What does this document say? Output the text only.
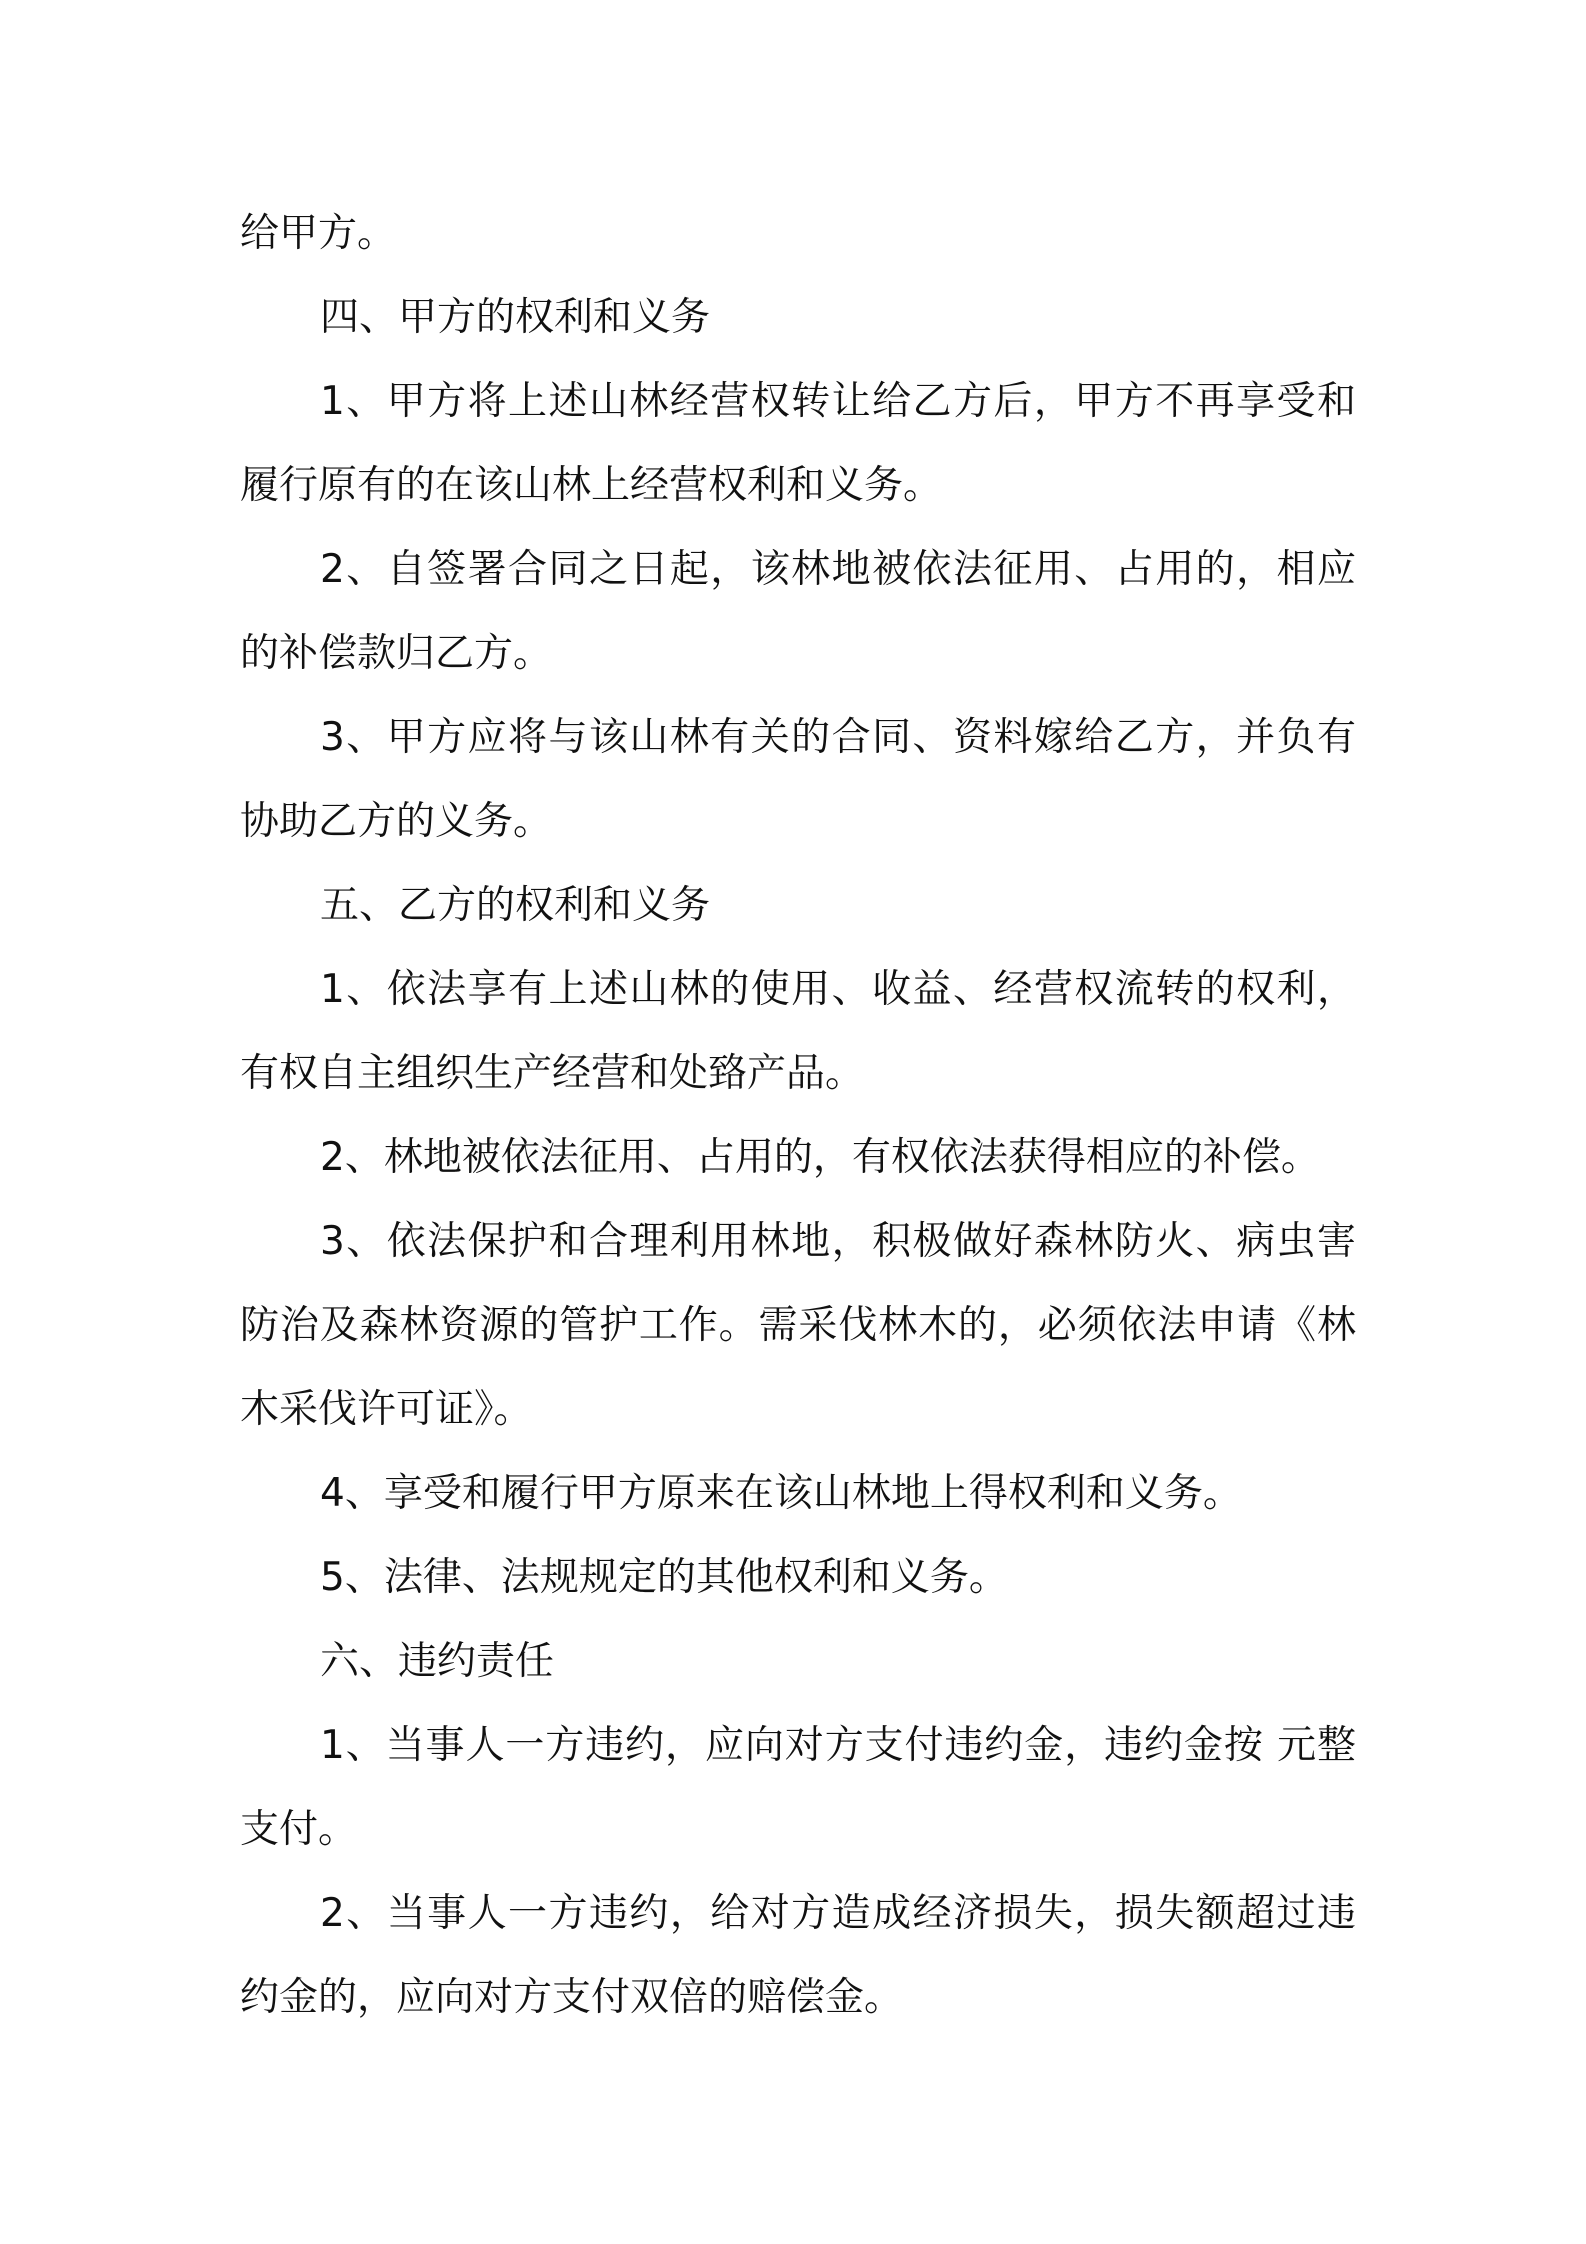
给甲方。

四、甲方的权利和义务

1、甲方将上述山林经营权转让给乙方后，甲方不再享受和履行原有的在该山林上经营权利和义务。

2、自签署合同之日起，该林地被依法征用、占用的，相应的补偿款归乙方。

3、甲方应将与该山林有关的合同、资料嫁给乙方，并负有协助乙方的义务。

五、乙方的权利和义务

1、依法享有上述山林的使用、收益、经营权流转的权利，有权自主组织生产经营和处臵产品。

2、林地被依法征用、占用的，有权依法获得相应的补偿。

3、依法保护和合理利用林地，积极做好森林防火、病虫害防治及森林资源的管护工作。需采伐林木的，必须依法申请《林木采伐许可证》。

4、享受和履行甲方原来在该山林地上得权利和义务。

5、法律、法规规定的其他权利和义务。

六、违约责任

1、当事人一方违约，应向对方支付违约金，违约金按 元整支付。

2、当事人一方违约，给对方造成经济损失，损失额超过违约金的，应向对方支付双倍的赔偿金。
